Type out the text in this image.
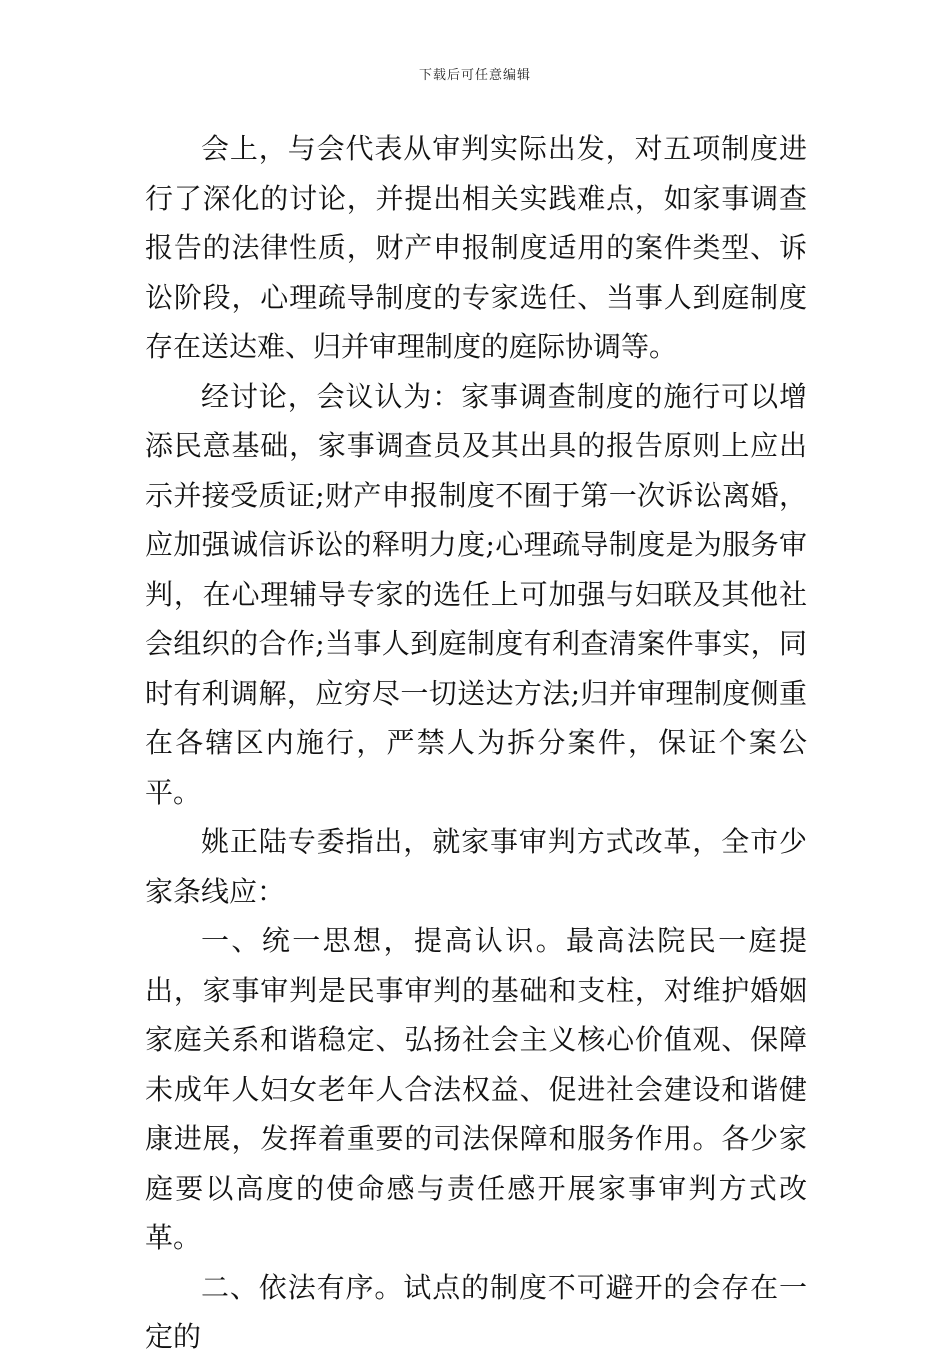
下载后可任意编辑

会上，与会代表从审判实际出发，对五项制度进行了深化的讨论，并提出相关实践难点，如家事调查报告的法律性质，财产申报制度适用的案件类型、诉讼阶段，心理疏导制度的专家选任、当事人到庭制度存在送达难、归并审理制度的庭际协调等。

经讨论，会议认为：家事调查制度的施行可以增添民意基础，家事调查员及其出具的报告原则上应出示并接受质证;财产申报制度不囿于第一次诉讼离婚，应加强诚信诉讼的释明力度;心理疏导制度是为服务审判，在心理辅导专家的选任上可加强与妇联及其他社会组织的合作;当事人到庭制度有利查清案件事实，同时有利调解，应穷尽一切送达方法;归并审理制度侧重在各辖区内施行，严禁人为拆分案件，保证个案公平。

姚正陆专委指出，就家事审判方式改革，全市少家条线应：

一、统一思想，提高认识。最高法院民一庭提出，家事审判是民事审判的基础和支柱，对维护婚姻家庭关系和谐稳定、弘扬社会主义核心价值观、保障未成年人妇女老年人合法权益、促进社会建设和谐健康进展，发挥着重要的司法保障和服务作用。各少家庭要以高度的使命感与责任感开展家事审判方式改革。

二、依法有序。试点的制度不可避开的会存在一定的
